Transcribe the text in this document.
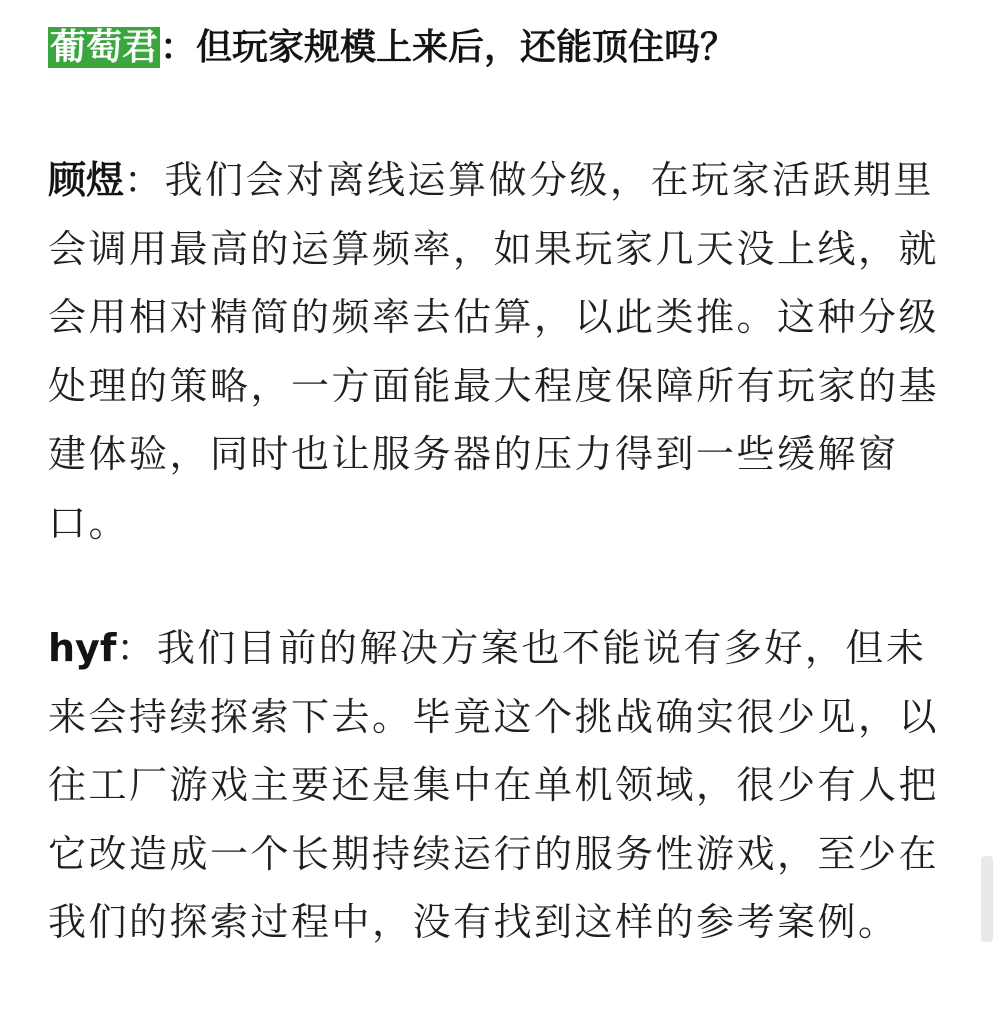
葡萄君：但玩家规模上来后，还能顶住吗？

顾煜：我们会对离线运算做分级，在玩家活跃期里会调用最高的运算频率，如果玩家几天没上线，就会用相对精简的频率去估算，以此类推。这种分级处理的策略，一方面能最大程度保障所有玩家的基建体验，同时也让服务器的压力得到一些缓解窗口。

hyf：我们目前的解决方案也不能说有多好，但未来会持续探索下去。毕竟这个挑战确实很少见，以往工厂游戏主要还是集中在单机领域，很少有人把它改造成一个长期持续运行的服务性游戏，至少在我们的探索过程中，没有找到这样的参考案例。
